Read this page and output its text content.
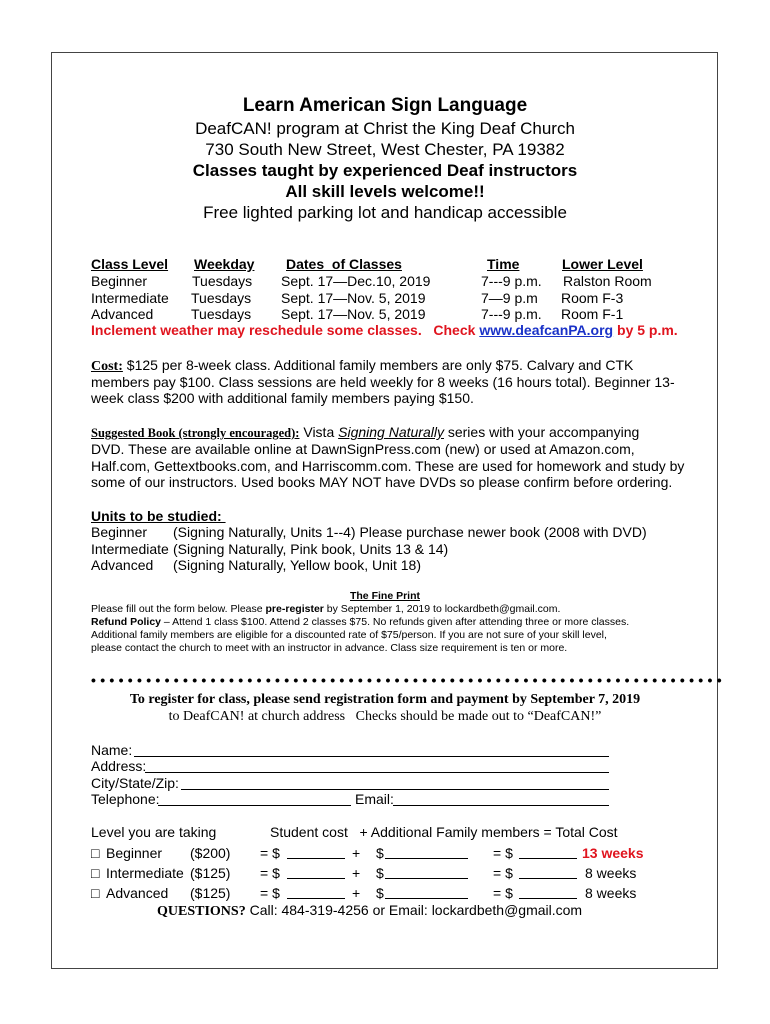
Learn American Sign Language
DeafCAN! program at Christ the King Deaf Church
730 South New Street, West Chester, PA 19382
Classes taught by experienced Deaf instructors
All skill levels welcome!!
Free lighted parking lot and handicap accessible
Class Level Weekday Dates  of Classes	Time	Lower Level
Beginner	Tuesdays Sept. 17—Dec.10, 2019	7---9 p.m. Ralston Room
Intermediate Tuesdays Sept. 17—Nov. 5, 2019	7—9 p.m Room F-3
Advanced	Tuesdays Sept. 17—Nov. 5, 2019	7---9 p.m. Room F-1
Inclement weather may reschedule some classes.   Check www.deafcanPA.org by 5 p.m.
Cost: $125 per 8-week class. Additional family members are only $75. Calvary and CTK
members pay $100. Class sessions are held weekly for 8 weeks (16 hours total). Beginner 13-
week class $200 with additional family members paying $150.
Suggested Book (strongly encouraged): Vista Signing Naturally series with your accompanying
DVD. These are available online at DawnSignPress.com (new) or used at Amazon.com,
Half.com, Gettextbooks.com, and Harriscomm.com. These are used for homework and study by
some of our instructors. Used books MAY NOT have DVDs so please confirm before ordering.
Units to be studied:
Beginner (Signing Naturally, Units 1--4) Please purchase newer book (2008 with DVD)
Intermediate (Signing Naturally, Pink book, Units 13 & 14)
Advanced (Signing Naturally, Yellow book, Unit 18)
The Fine Print
Please fill out the form below. Please pre-register by September 1, 2019 to lockardbeth@gmail.com.
Refund Policy – Attend 1 class $100. Attend 2 classes $75. No refunds given after attending three or more classes.
Additional family members are eligible for a discounted rate of $75/person. If you are not sure of your skill level,
please contact the church to meet with an instructor in advance. Class size requirement is ten or more.
•••••••••••••••••••••••••••••••••••••••••••••••••••••••••••••••••••••
To register for class, please send registration form and payment by September 7, 2019
to DeafCAN! at church address   Checks should be made out to “DeafCAN!”
Name:
Address:
City/State/Zip:
Telephone:	Email:
Level you are taking	Student cost   + Additional Family members = Total Cost
□ Beginner ($200) = $	+ $	= $	13 weeks
□ Intermediate ($125) = $	+ $	= $	8 weeks
□ Advanced ($125) = $	+ $	= $	8 weeks
QUESTIONS? Call: 484-319-4256 or Email: lockardbeth@gmail.com
